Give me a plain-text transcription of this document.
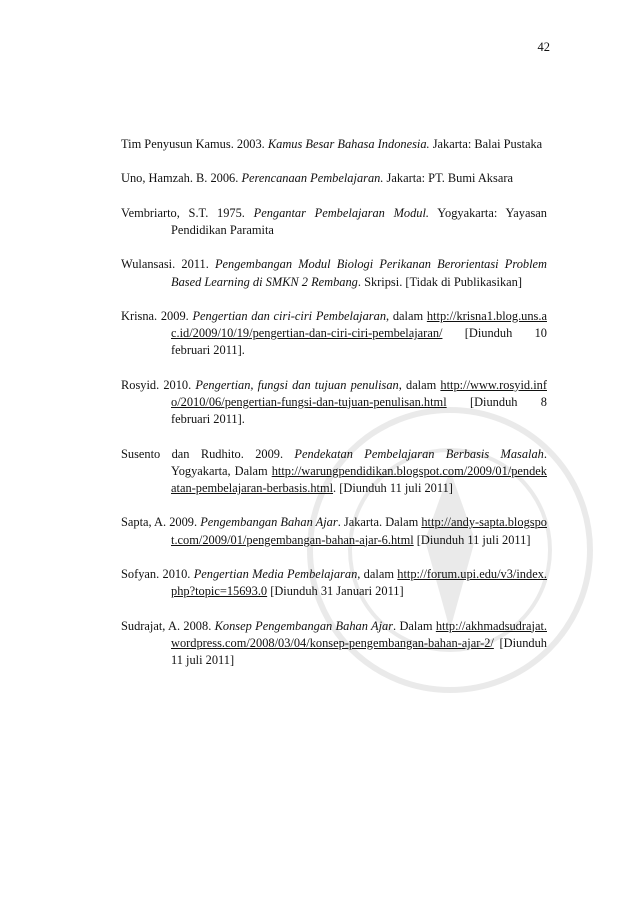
42

Tim Penyusun Kamus. 2003. Kamus Besar Bahasa Indonesia. Jakarta: Balai Pustaka

Uno, Hamzah. B. 2006. Perencanaan Pembelajaran. Jakarta: PT. Bumi Aksara

Vembriarto, S.T. 1975. Pengantar Pembelajaran Modul. Yogyakarta: Yayasan Pendidikan Paramita

Wulansasi. 2011. Pengembangan Modul Biologi Perikanan Berorientasi Problem Based Learning di SMKN 2 Rembang. Skripsi. [Tidak di Publikasikan]

Krisna. 2009. Pengertian dan ciri-ciri Pembelajaran, dalam http://krisna1.blog.uns.ac.id/2009/10/19/pengertian-dan-ciri-ciri-pembelajaran/ [Diunduh 10 februari 2011].

Rosyid. 2010. Pengertian, fungsi dan tujuan penulisan, dalam http://www.rosyid.info/2010/06/pengertian-fungsi-dan-tujuan-penulisan.html [Diunduh 8 februari 2011].

Susento dan Rudhito. 2009. Pendekatan Pembelajaran Berbasis Masalah. Yogyakarta, Dalam http://warungpendidikan.blogspot.com/2009/01/pendekatan-pembelajaran-berbasis.html. [Diunduh 11 juli 2011]

Sapta, A. 2009. Pengembangan Bahan Ajar. Jakarta. Dalam http://andy-sapta.blogspot.com/2009/01/pengembangan-bahan-ajar-6.html [Diunduh 11 juli 2011]

Sofyan. 2010. Pengertian Media Pembelajaran, dalam http://forum.upi.edu/v3/index.php?topic=15693.0 [Diunduh 31 Januari 2011]

Sudrajat, A. 2008. Konsep Pengembangan Bahan Ajar. Dalam http://akhmadsudrajat.wordpress.com/2008/03/04/konsep-pengembangan-bahan-ajar-2/ [Diunduh 11 juli 2011]
